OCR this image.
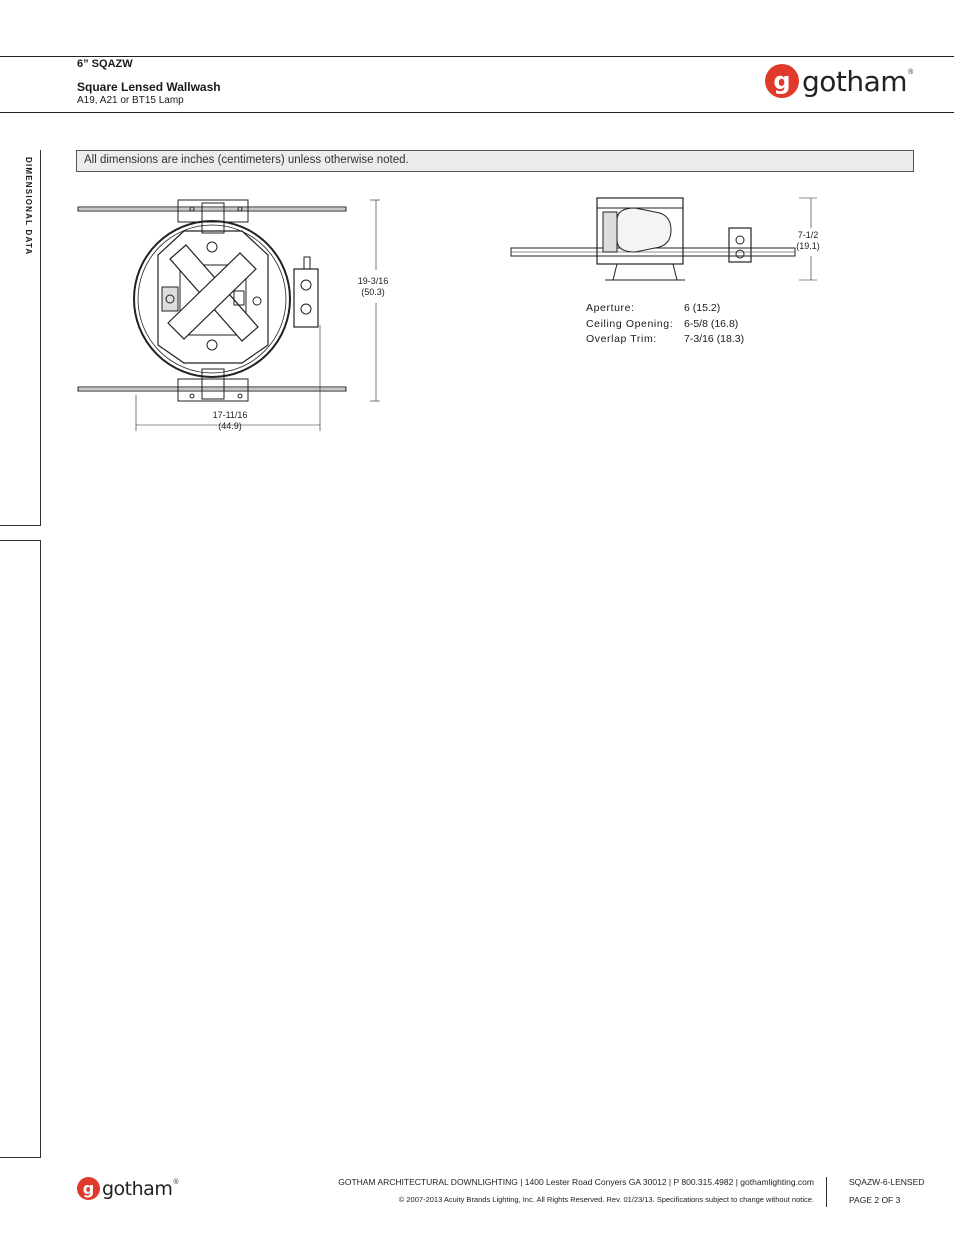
6” SQAZW
Square Lensed Wallwash
A19, A21 or BT15 Lamp
g gotham ®
DIMENSIONAL DATA	All dimensions are inches (centimeters) unless otherwise noted.
19-3/16
(50.3)
17-11/16
(44.9)
7-1/2
(19.1)
Aperture:	6 (15.2)
Ceiling Opening:	6-5/8 (16.8)
Overlap Trim:	7-3/16 (18.3)
g gotham ®	GOTHAM ARCHITECTURAL DOWNLIGHTING | 1400 Lester Road Conyers GA 30012 | P 800.315.4982 | gothamlighting.com
© 2007-2013 Acuity Brands Lighting, Inc. All Rights Reserved. Rev. 01/23/13. Specifications subject to change without notice.
SQAZW-6-LENSED
PAGE 2 OF 3
